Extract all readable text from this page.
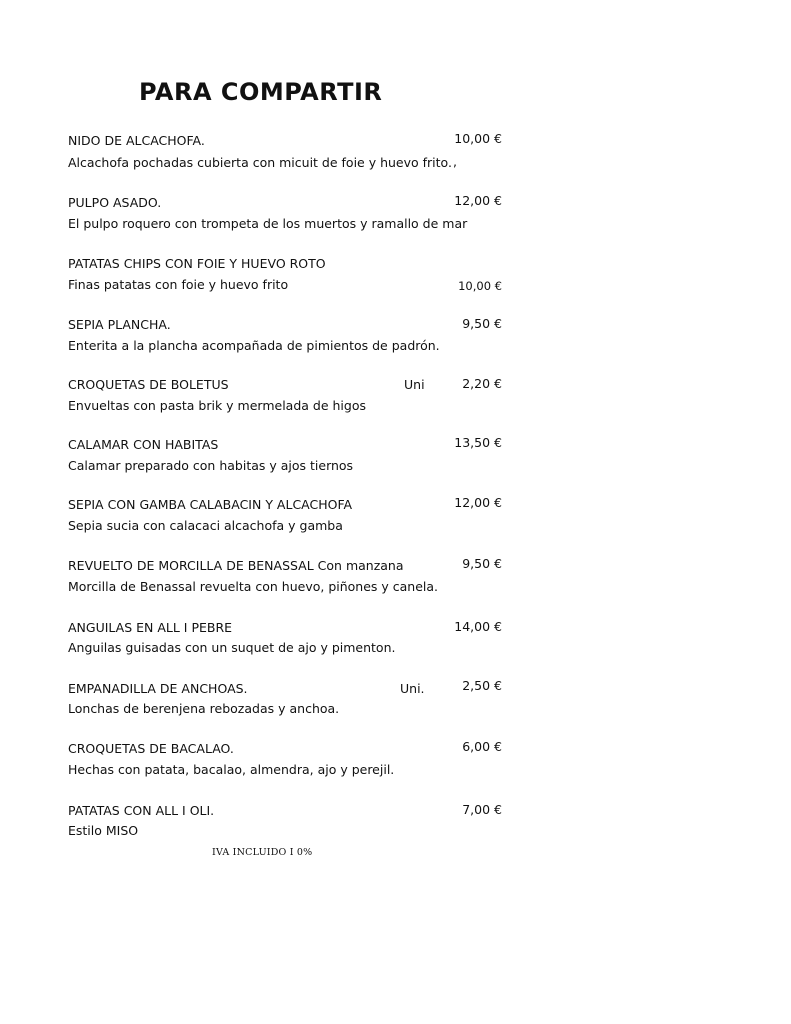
PARA COMPARTIR
NIDO DE ALCACHOFA.	10,00 €
Alcachofa pochadas cubierta con micuit de foie y huevo frito. ,
PULPO ASADO.	12,00 €
El pulpo roquero con trompeta de los muertos y ramallo de mar
PATATAS CHIPS CON FOIE Y HUEVO ROTO
Finas patatas con foie y huevo frito	10,00 €
SEPIA PLANCHA.	9,50 €
Enterita a la plancha acompañada de pimientos de padrón.
CROQUETAS DE BOLETUS	Uni	2,20 €
Envueltas con pasta brik y mermelada de higos
CALAMAR CON HABITAS	13,50 €
Calamar preparado con habitas y ajos tiernos
SEPIA CON GAMBA CALABACIN Y ALCACHOFA	12,00 €
Sepia sucia con calacaci alcachofa y gamba
REVUELTO DE MORCILLA DE BENASSAL Con manzana	9,50 €
Morcilla de Benassal revuelta con huevo, piñones y canela.
ANGUILAS EN ALL I PEBRE	14,00 €
Anguilas guisadas con un suquet de ajo y pimenton.
EMPANADILLA DE ANCHOAS.	Uni.	2,50 €
Lonchas de berenjena rebozadas y anchoa.
CROQUETAS DE BACALAO.	6,00 €
Hechas con patata, bacalao, almendra, ajo y perejil.
PATATAS CON ALL I OLI.	7,00 €
Estilo MISO
IVA INCLUIDO I 0%
